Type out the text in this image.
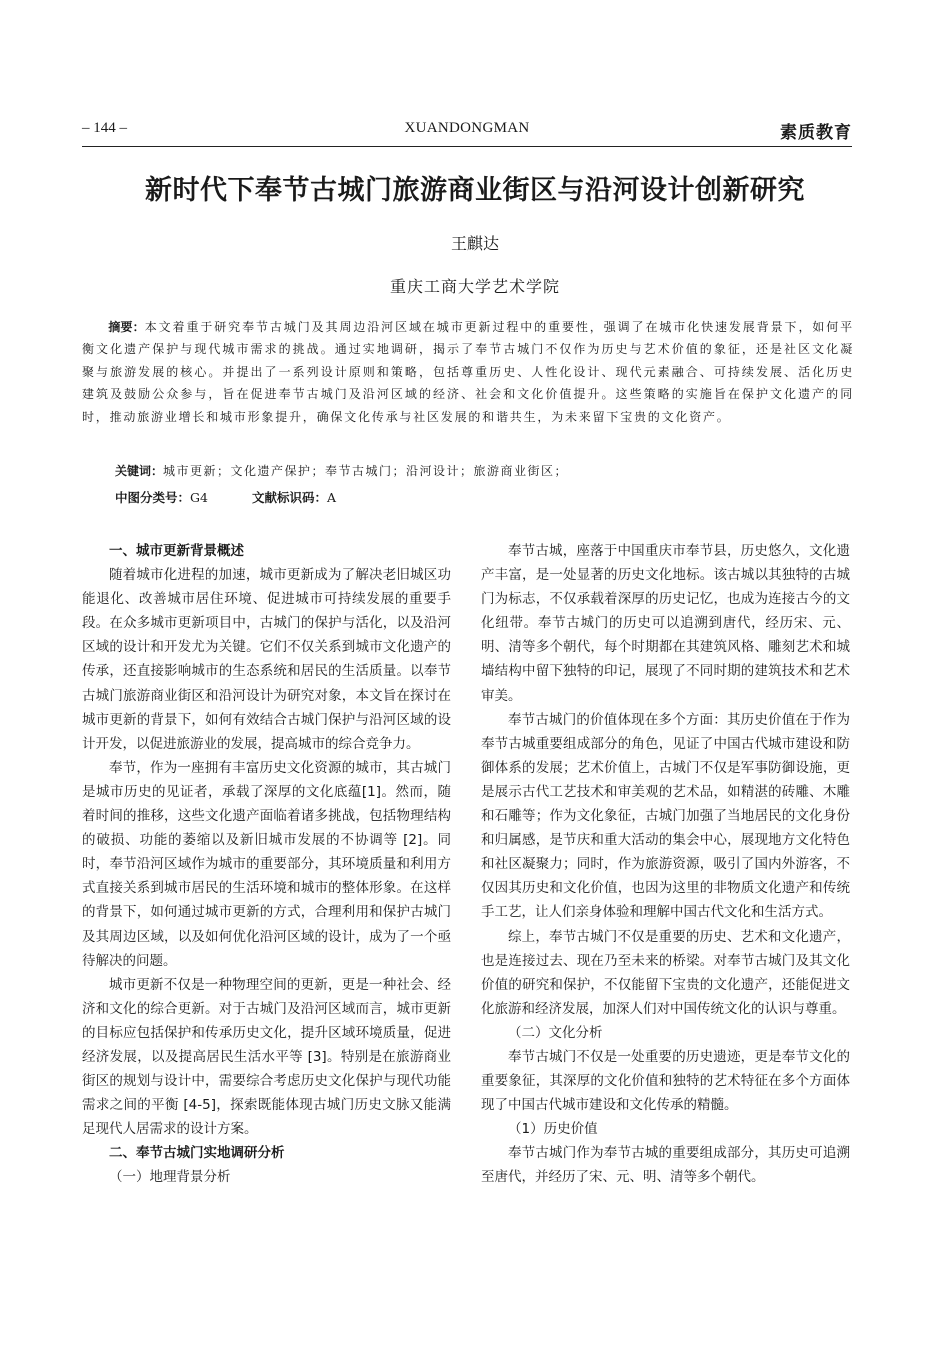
– 144 –	XUANDONGMAN	素质教育
新时代下奉节古城门旅游商业街区与沿河设计创新研究
王麒达
重庆工商大学艺术学院
摘要：本文着重于研究奉节古城门及其周边沿河区域在城市更新过程中的重要性，强调了在城市化快速发展背景下，如何平衡文化遗产保护与现代城市需求的挑战。通过实地调研，揭示了奉节古城门不仅作为历史与艺术价值的象征，还是社区文化凝聚与旅游发展的核心。并提出了一系列设计原则和策略，包括尊重历史、人性化设计、现代元素融合、可持续发展、活化历史建筑及鼓励公众参与，旨在促进奉节古城门及沿河区域的经济、社会和文化价值提升。这些策略的实施旨在保护文化遗产的同时，推动旅游业增长和城市形象提升，确保文化传承与社区发展的和谐共生，为未来留下宝贵的文化资产。
关键词：城市更新；文化遗产保护；奉节古城门；沿河设计；旅游商业街区；
中图分类号：G4	文献标识码：A

一、城市更新背景概述

随着城市化进程的加速，城市更新成为了解决老旧城区功能退化、改善城市居住环境、促进城市可持续发展的重要手段。在众多城市更新项目中，古城门的保护与活化，以及沿河区域的设计和开发尤为关键。它们不仅关系到城市文化遗产的传承，还直接影响城市的生态系统和居民的生活质量。以奉节古城门旅游商业街区和沿河设计为研究对象，本文旨在探讨在城市更新的背景下，如何有效结合古城门保护与沿河区域的设计开发，以促进旅游业的发展，提高城市的综合竞争力。

奉节，作为一座拥有丰富历史文化资源的城市，其古城门是城市历史的见证者，承载了深厚的文化底蕴[1]。然而，随着时间的推移，这些文化遗产面临着诸多挑战，包括物理结构的破损、功能的萎缩以及新旧城市发展的不协调等 [2]。同时，奉节沿河区域作为城市的重要部分，其环境质量和利用方式直接关系到城市居民的生活环境和城市的整体形象。在这样的背景下，如何通过城市更新的方式，合理利用和保护古城门及其周边区域，以及如何优化沿河区域的设计，成为了一个亟待解决的问题。

城市更新不仅是一种物理空间的更新，更是一种社会、经济和文化的综合更新。对于古城门及沿河区域而言，城市更新的目标应包括保护和传承历史文化，提升区域环境质量，促进经济发展，以及提高居民生活水平等 [3]。特别是在旅游商业街区的规划与设计中，需要综合考虑历史文化保护与现代功能需求之间的平衡 [4-5]，探索既能体现古城门历史文脉又能满足现代人居需求的设计方案。

二、奉节古城门实地调研分析

（一）地理背景分析

奉节古城，座落于中国重庆市奉节县，历史悠久，文化遗产丰富，是一处显著的历史文化地标。该古城以其独特的古城门为标志，不仅承载着深厚的历史记忆，也成为连接古今的文化纽带。奉节古城门的历史可以追溯到唐代，经历宋、元、明、清等多个朝代，每个时期都在其建筑风格、雕刻艺术和城墙结构中留下独特的印记，展现了不同时期的建筑技术和艺术审美。

奉节古城门的价值体现在多个方面：其历史价值在于作为奉节古城重要组成部分的角色，见证了中国古代城市建设和防御体系的发展；艺术价值上，古城门不仅是军事防御设施，更是展示古代工艺技术和审美观的艺术品，如精湛的砖雕、木雕和石雕等；作为文化象征，古城门加强了当地居民的文化身份和归属感，是节庆和重大活动的集会中心，展现地方文化特色和社区凝聚力；同时，作为旅游资源，吸引了国内外游客，不仅因其历史和文化价值，也因为这里的非物质文化遗产和传统手工艺，让人们亲身体验和理解中国古代文化和生活方式。

综上，奉节古城门不仅是重要的历史、艺术和文化遗产，也是连接过去、现在乃至未来的桥梁。对奉节古城门及其文化价值的研究和保护，不仅能留下宝贵的文化遗产，还能促进文化旅游和经济发展，加深人们对中国传统文化的认识与尊重。

（二）文化分析

奉节古城门不仅是一处重要的历史遗迹，更是奉节文化的重要象征，其深厚的文化价值和独特的艺术特征在多个方面体现了中国古代城市建设和文化传承的精髓。

（1）历史价值

奉节古城门作为奉节古城的重要组成部分，其历史可追溯至唐代，并经历了宋、元、明、清等多个朝代。
